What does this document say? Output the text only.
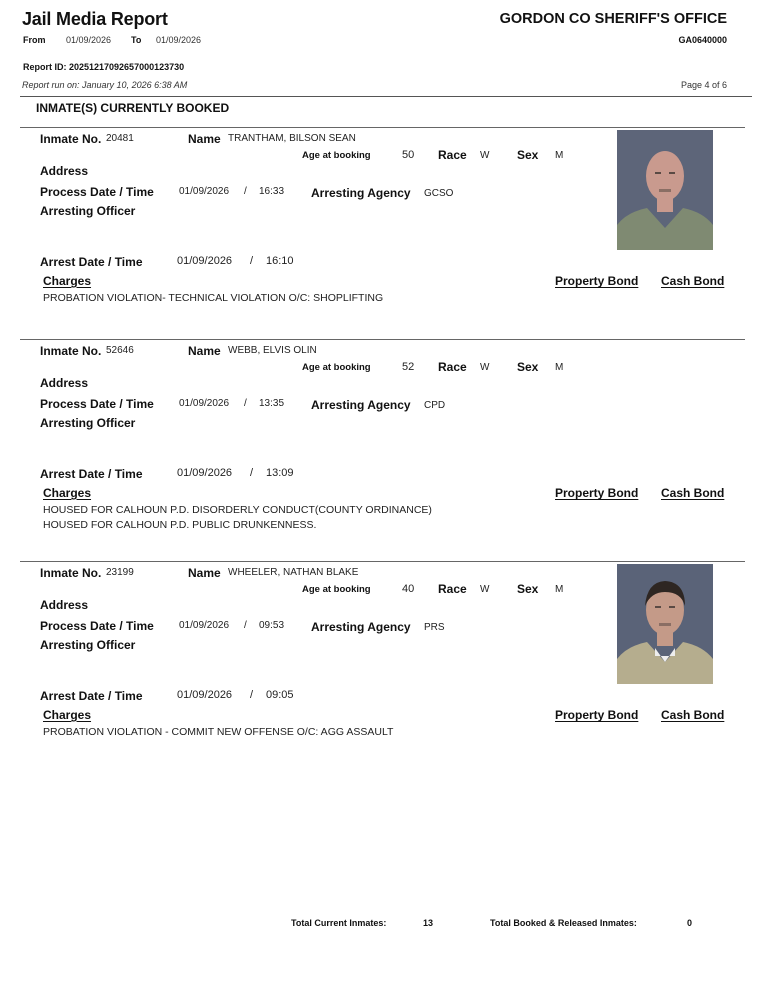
Jail Media Report
From 01/09/2026 To 01/09/2026
Report ID: 20251217092657000123730
Report run on: January 10, 2026 6:38 AM
GORDON CO SHERIFF'S OFFICE
GA0640000
Page 4 of 6
INMATE(S) CURRENTLY BOOKED
Inmate No. 20481	Name TRANTHAM, BILSON SEAN
Age at booking	50 Race W Sex M
Address
Process Date / Time	01/09/2026 / 16:33 Arresting Agency GCSO
Arresting Officer
Arrest Date / Time	01/09/2026 / 16:10
Charges	Property Bond Cash Bond
PROBATION VIOLATION- TECHNICAL VIOLATION O/C: SHOPLIFTING
Inmate No. 52646	Name WEBB, ELVIS OLIN
Age at booking	52 Race W Sex M
Address
Process Date / Time	01/09/2026 / 13:35 Arresting Agency CPD
Arresting Officer
Arrest Date / Time	01/09/2026 / 13:09
Charges	Property Bond Cash Bond
HOUSED FOR CALHOUN P.D. DISORDERLY CONDUCT(COUNTY ORDINANCE)
HOUSED FOR CALHOUN P.D. PUBLIC DRUNKENNESS.
Inmate No. 23199	Name WHEELER, NATHAN BLAKE
Age at booking	40 Race W Sex M
Address
Process Date / Time	01/09/2026 / 09:53 Arresting Agency PRS
Arresting Officer
Arrest Date / Time	01/09/2026 / 09:05
Charges	Property Bond Cash Bond
PROBATION VIOLATION - COMMIT NEW OFFENSE O/C: AGG ASSAULT
Total Current Inmates:	13	Total Booked & Released Inmates:	0
